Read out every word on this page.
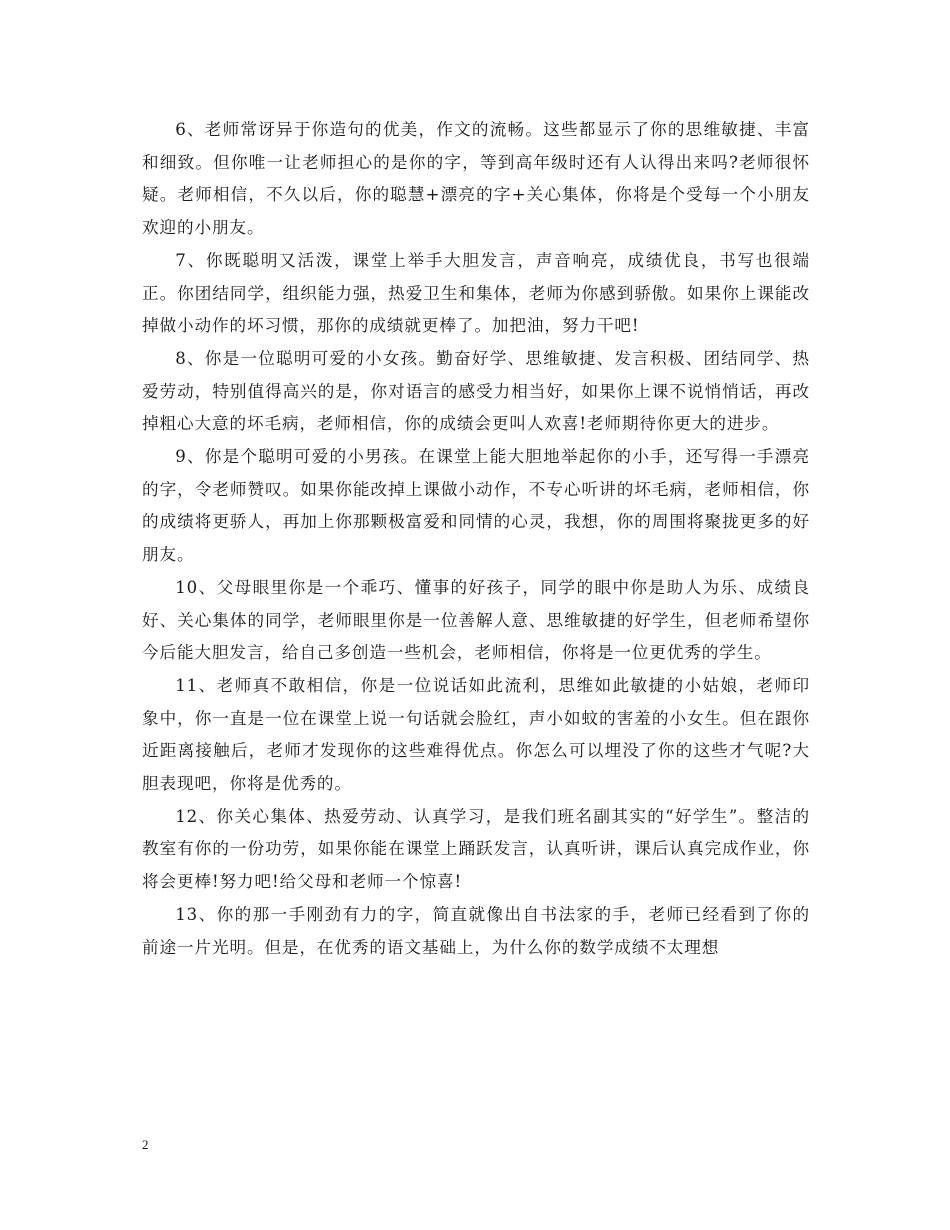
6、老师常讶异于你造句的优美，作文的流畅。这些都显示了你的思维敏捷、丰富和细致。但你唯一让老师担心的是你的字，等到高年级时还有人认得出来吗?老师很怀疑。老师相信，不久以后，你的聪慧+漂亮的字+关心集体，你将是个受每一个小朋友欢迎的小朋友。

7、你既聪明又活泼，课堂上举手大胆发言，声音响亮，成绩优良，书写也很端正。你团结同学，组织能力强，热爱卫生和集体，老师为你感到骄傲。如果你上课能改掉做小动作的坏习惯，那你的成绩就更棒了。加把油，努力干吧!

8、你是一位聪明可爱的小女孩。勤奋好学、思维敏捷、发言积极、团结同学、热爱劳动，特别值得高兴的是，你对语言的感受力相当好，如果你上课不说悄悄话，再改掉粗心大意的坏毛病，老师相信，你的成绩会更叫人欢喜!老师期待你更大的进步。

9、你是个聪明可爱的小男孩。在课堂上能大胆地举起你的小手，还写得一手漂亮的字，令老师赞叹。如果你能改掉上课做小动作，不专心听讲的坏毛病，老师相信，你的成绩将更骄人，再加上你那颗极富爱和同情的心灵，我想，你的周围将聚拢更多的好朋友。

10、父母眼里你是一个乖巧、懂事的好孩子，同学的眼中你是助人为乐、成绩良好、关心集体的同学，老师眼里你是一位善解人意、思维敏捷的好学生，但老师希望你今后能大胆发言，给自己多创造一些机会，老师相信，你将是一位更优秀的学生。

11、老师真不敢相信，你是一位说话如此流利，思维如此敏捷的小姑娘，老师印象中，你一直是一位在课堂上说一句话就会脸红，声小如蚊的害羞的小女生。但在跟你近距离接触后，老师才发现你的这些难得优点。你怎么可以埋没了你的这些才气呢?大胆表现吧，你将是优秀的。

12、你关心集体、热爱劳动、认真学习，是我们班名副其实的“好学生”。整洁的教室有你的一份功劳，如果你能在课堂上踊跃发言，认真听讲，课后认真完成作业，你将会更棒!努力吧!给父母和老师一个惊喜!

13、你的那一手刚劲有力的字，简直就像出自书法家的手，老师已经看到了你的前途一片光明。但是，在优秀的语文基础上，为什么你的数学成绩不太理想

2
